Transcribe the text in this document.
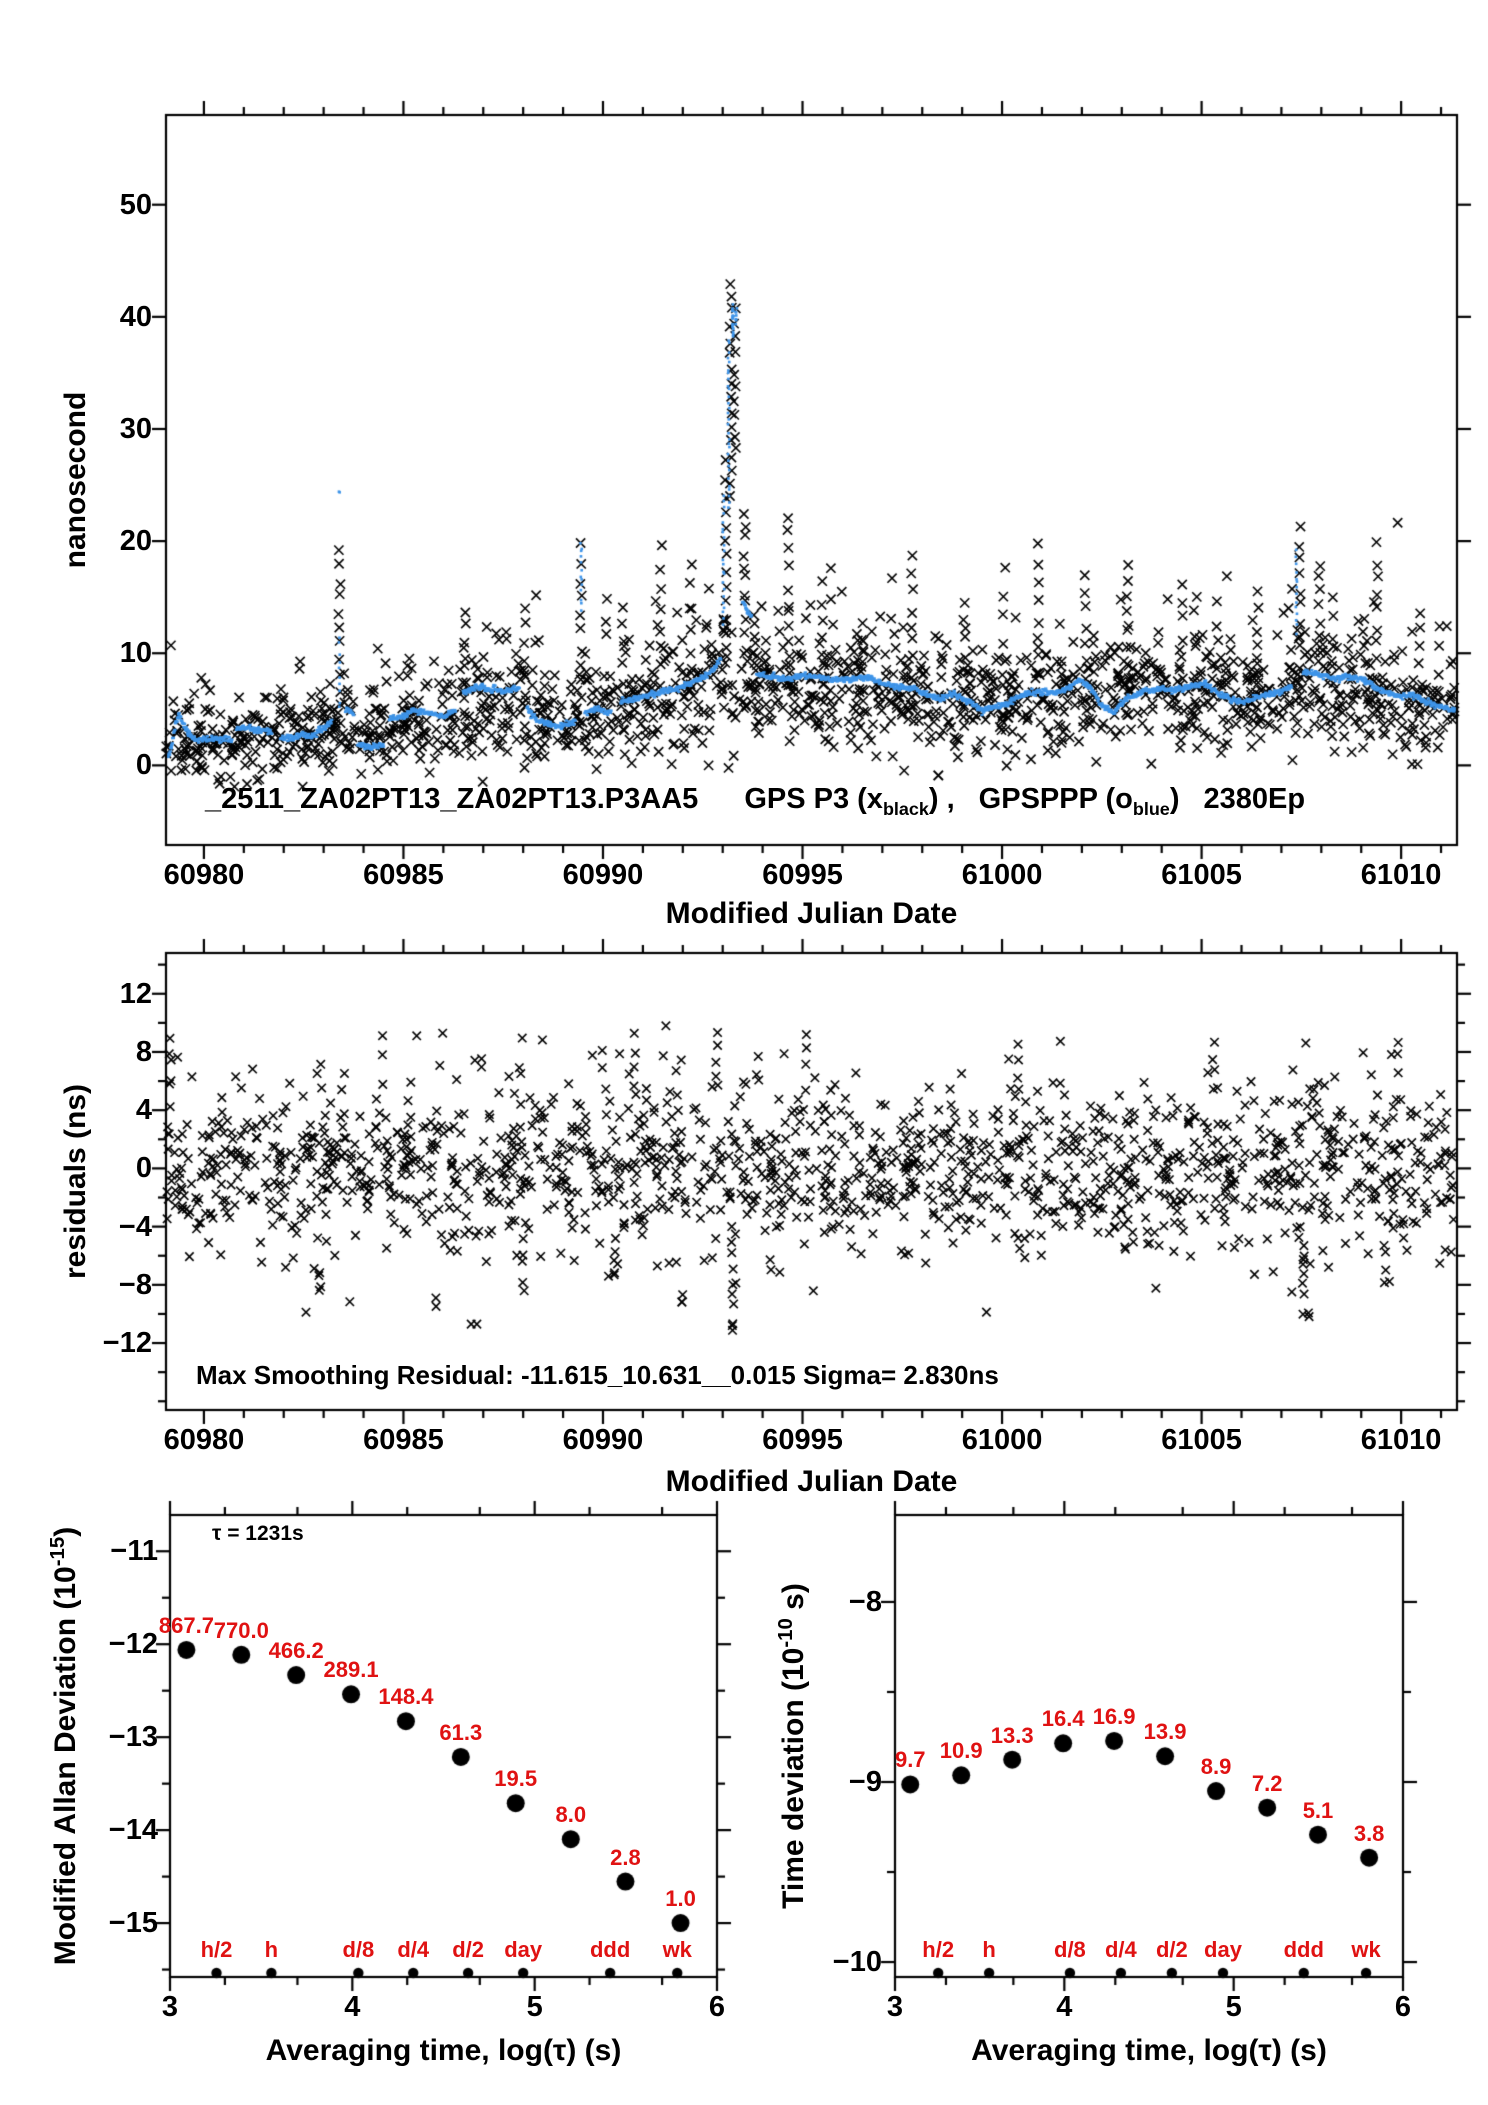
_2511_ZA02PT13_ZA02PT13.P3AA5 GPS P3 $(x_{black})$ , GPSPPP $(o_{blue})$ 2380Ep
Modified Julian Date
Modified Julian Date
Averaging time, log(τ) (s)	Averaging time, log(τ) (s)
nanosecond
residuals (ns)
Modified Allan Deviation $(10^{-15})$
Time deviation ($10^{-10}$ s)
Max Smoothing Residual: -11.615_10.631__0.015 Sigma= 2.830ns
τ = 1231s
60980	60985	60990	60995	61000	61005	61010
0
10
20
30
40
50
60980	60985	60990	60995	61000	61005	61010
12
8
4
0
−4
−8
−12
3	4	5	6
−11
−12
−13
−14
−15
3	4	5	6
−8
−9
−10
867.7 770.0
466.2
289.1
148.4
61.3
19.5
8.0
2.8
1.0
h/2	h	d/8	d/4	d/2 day	ddd	wk
9.7 10.9
13.3
16.4 16.9
13.9
8.9
7.2
5.1
3.8
h/2	h	d/8 d/4 d/2 day	ddd	wk
